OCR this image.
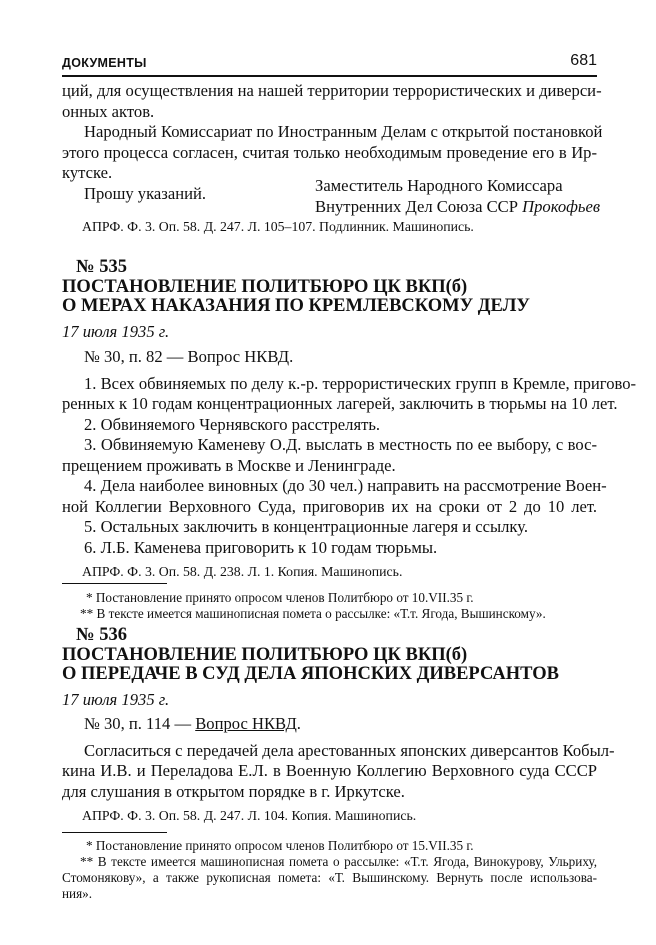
ДОКУМЕНТЫ	681
ций, для осуществления на нашей территории террористических и диверси-
онных актов.
Народный Комиссариат по Иностранным Делам с открытой постановкой
этого процесса согласен, считая только необходимым проведение его в Ир-
кутске.
Прошу указаний.	Заместитель Народного Комиссара
Внутренних Дел Союза ССР Прокофьев
АПРФ. Ф. 3. Оп. 58. Д. 247. Л. 105–107. Подлинник. Машинопись.
№ 535
ПОСТАНОВЛЕНИЕ ПОЛИТБЮРО ЦК ВКП(б)
О МЕРАХ НАКАЗАНИЯ ПО КРЕМЛЕВСКОМУ ДЕЛУ
17 июля 1935 г.
№ 30, п. 82 — Вопрос НКВД.
1. Всех обвиняемых по делу к.-р. террористических групп в Кремле, пригово-
ренных к 10 годам концентрационных лагерей, заключить в тюрьмы на 10 лет.
2. Обвиняемого Чернявского расстрелять.
3. Обвиняемую Каменеву О.Д. выслать в местность по ее выбору, с вос-
прещением проживать в Москве и Ленинграде.
4. Дела наиболее виновных (до 30 чел.) направить на рассмотрение Воен-
ной Коллегии Верховного Суда, приговорив их на сроки от 2 до 10 лет.
5. Остальных заключить в концентрационные лагеря и ссылку.
6. Л.Б. Каменева приговорить к 10 годам тюрьмы.
АПРФ. Ф. 3. Оп. 58. Д. 238. Л. 1. Копия. Машинопись.
* Постановление принято опросом членов Политбюро от 10.VII.35 г.
** В тексте имеется машинописная помета о рассылке: «Т.т. Ягода, Вышинскому».
№ 536
ПОСТАНОВЛЕНИЕ ПОЛИТБЮРО ЦК ВКП(б)
О ПЕРЕДАЧЕ В СУД ДЕЛА ЯПОНСКИХ ДИВЕРСАНТОВ
17 июля 1935 г.
№ 30, п. 114 — Вопрос НКВД.
Согласиться с передачей дела арестованных японских диверсантов Кобыл-
кина И.В. и Переладова Е.Л. в Военную Коллегию Верховного суда СССР
для слушания в открытом порядке в г. Иркутске.
АПРФ. Ф. 3. Оп. 58. Д. 247. Л. 104. Копия. Машинопись.
* Постановление принято опросом членов Политбюро от 15.VII.35 г.
** В тексте имеется машинописная помета о рассылке: «Т.т. Ягода, Винокурову, Ульриху,
Стомонякову», а также рукописная помета: «Т. Вышинскому. Вернуть после использова-
ния».
